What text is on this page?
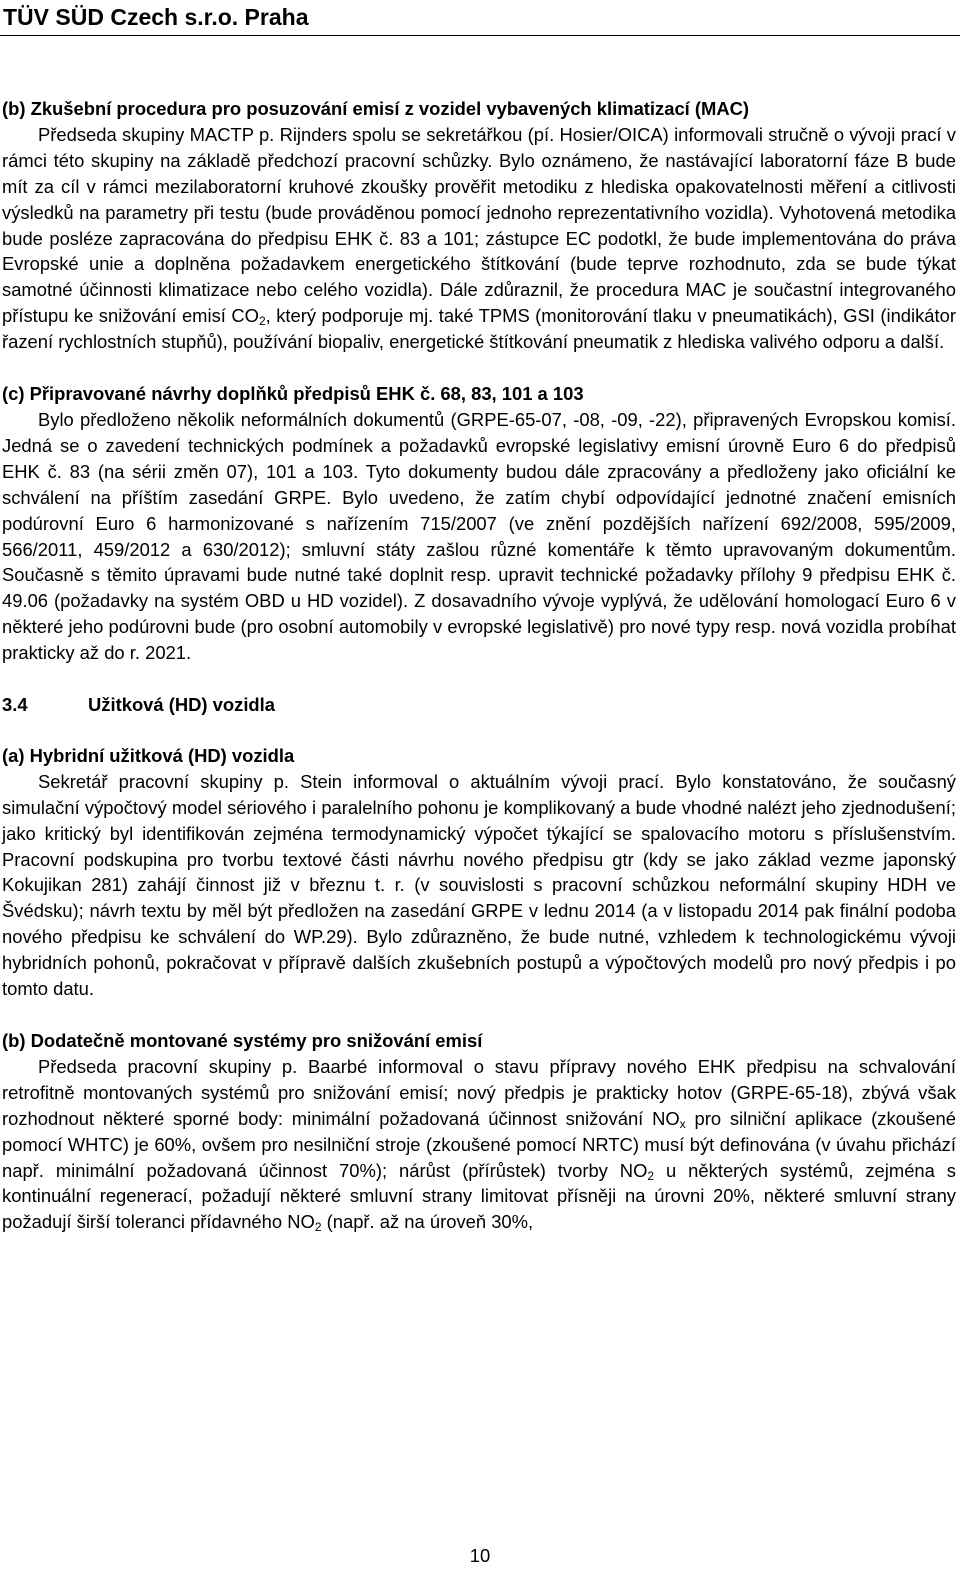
TÜV SÜD Czech s.r.o. Praha

(b) Zkušební procedura pro posuzování emisí z vozidel vybavených klimatizací (MAC)

Předseda skupiny MACTP p. Rijnders spolu se sekretářkou (pí. Hosier/OICA) informovali stručně o vývoji prací v rámci této skupiny na základě předchozí pracovní schůzky. Bylo oznámeno, že nastávající laboratorní fáze B bude mít za cíl v rámci mezilaboratorní kruhové zkoušky prověřit metodiku z hlediska opakovatelnosti měření a citlivosti výsledků na parametry při testu (bude prováděnou pomocí jednoho reprezentativního vozidla). Vyhotovená metodika bude posléze zapracována do předpisu EHK č. 83 a 101; zástupce EC podotkl, že bude implementována do práva Evropské unie a doplněna požadavkem energetického štítkování (bude teprve rozhodnuto, zda se bude týkat samotné účinnosti klimatizace nebo celého vozidla). Dále zdůraznil, že procedura MAC je součastní integrovaného přístupu ke snižování emisí $CO_2$, který podporuje mj. také TPMS (monitorování tlaku v pneumatikách), GSI (indikátor řazení rychlostních stupňů), používání biopaliv, energetické štítkování pneumatik z hlediska valivého odporu a další.

(c) Připravované návrhy doplňků předpisů EHK č. 68, 83, 101 a 103

Bylo předloženo několik neformálních dokumentů (GRPE-65-07, -08, -09, -22), připravených Evropskou komisí. Jedná se o zavedení technických podmínek a požadavků evropské legislativy emisní úrovně Euro 6 do předpisů EHK č. 83 (na sérii změn 07), 101 a 103. Tyto dokumenty budou dále zpracovány a předloženy jako oficiální ke schválení na příštím zasedání GRPE. Bylo uvedeno, že zatím chybí odpovídající jednotné značení emisních podúrovní Euro 6 harmonizované s nařízením 715/2007 (ve znění pozdějších nařízení 692/2008, 595/2009, 566/2011, 459/2012 a 630/2012); smluvní státy zašlou různé komentáře k těmto upravovaným dokumentům. Současně s těmito úpravami bude nutné také doplnit resp. upravit technické požadavky přílohy 9 předpisu EHK č. 49.06 (požadavky na systém OBD u HD vozidel). Z dosavadního vývoje vyplývá, že udělování homologací Euro 6 v některé jeho podúrovni bude (pro osobní automobily v evropské legislativě) pro nové typy resp. nová vozidla probíhat prakticky až do r. 2021.

3.4	Užitková (HD) vozidla

(a) Hybridní užitková (HD) vozidla

Sekretář pracovní skupiny p. Stein informoval o aktuálním vývoji prací. Bylo konstatováno, že současný simulační výpočtový model sériového i paralelního pohonu je komplikovaný a bude vhodné nalézt jeho zjednodušení; jako kritický byl identifikován zejména termodynamický výpočet týkající se spalovacího motoru s příslušenstvím. Pracovní podskupina pro tvorbu textové části návrhu nového předpisu gtr (kdy se jako základ vezme japonský Kokujikan 281) zahájí činnost již v březnu t. r. (v souvislosti s pracovní schůzkou neformální skupiny HDH ve Švédsku); návrh textu by měl být předložen na zasedání GRPE v lednu 2014 (a v listopadu 2014 pak finální podoba nového předpisu ke schválení do WP.29). Bylo zdůrazněno, že bude nutné, vzhledem k technologickému vývoji hybridních pohonů, pokračovat v přípravě dalších zkušebních postupů a výpočtových modelů pro nový předpis i po tomto datu.

(b) Dodatečně montované systémy pro snižování emisí

Předseda pracovní skupiny p. Baarbé informoval o stavu přípravy nového EHK předpisu na schvalování retrofitně montovaných systémů pro snižování emisí; nový předpis je prakticky hotov (GRPE-65-18), zbývá však rozhodnout některé sporné body: minimální požadovaná účinnost snižování $NO_x$ pro silniční aplikace (zkoušené pomocí WHTC) je 60%, ovšem pro nesilniční stroje (zkoušené pomocí NRTC) musí být definována (v úvahu přichází např. minimální požadovaná účinnost 70%); nárůst (přírůstek) tvorby $NO_2$ u některých systémů, zejména s kontinuální regenerací, požadují některé smluvní strany limitovat přísněji na úrovni 20%, některé smluvní strany požadují širší toleranci přídavného $NO_2$ (např. až na úroveň 30%,

10
